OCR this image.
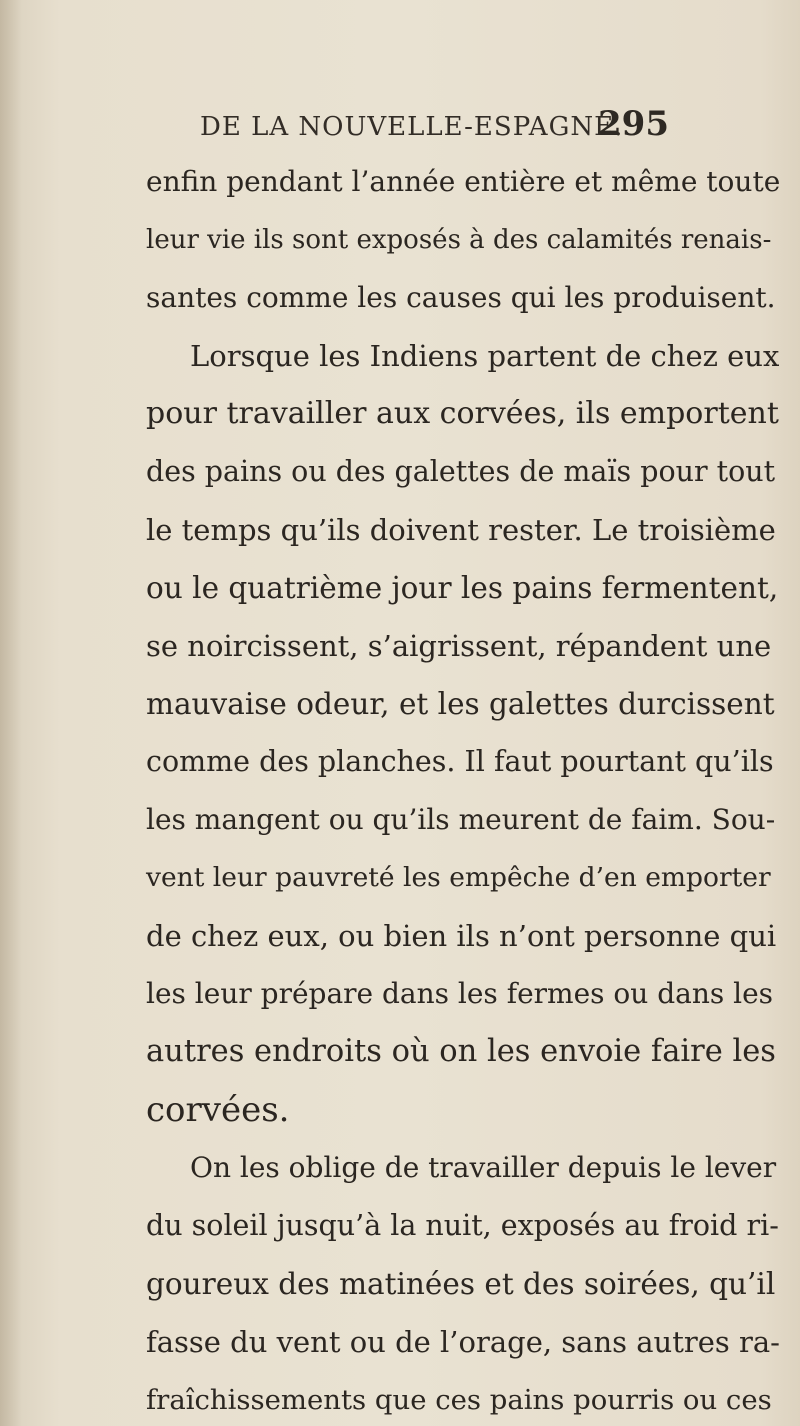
DE LA NOUVELLE-ESPAGNE.
295
enfin pendant l’année entière et même toute
leur vie ils sont exposés à des calamités renais-
santes comme les causes qui les produisent.
Lorsque les Indiens partent de chez eux
pour travailler aux corvées, ils emportent
des pains ou des galettes de maïs pour tout
le temps qu’ils doivent rester. Le troisième
ou le quatrième jour les pains fermentent,
se noircissent, s’aigrissent, répandent une
mauvaise odeur, et les galettes durcissent
comme des planches. Il faut pourtant qu’ils
les mangent ou qu’ils meurent de faim. Sou-
vent leur pauvreté les empêche d’en emporter
de chez eux, ou bien ils n’ont personne qui
les leur prépare dans les fermes ou dans les
autres endroits où on les envoie faire les
corvées.
On les oblige de travailler depuis le lever
du soleil jusqu’à la nuit, exposés au froid ri-
goureux des matinées et des soirées, qu’il
fasse du vent ou de l’orage, sans autres ra-
fraîchissements que ces pains pourris ou ces
